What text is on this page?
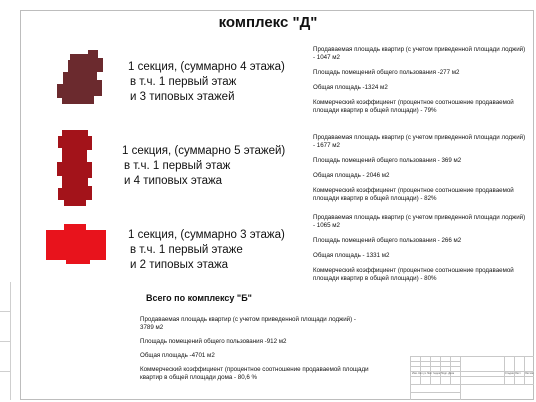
комплекс "Д"
1 секция, (суммарно 4 этажа)
в т.ч. 1 первый этаж
и 3 типовых этажей

Продаваемая площадь квартир (с учетом приведенной площади лоджий) - 1047 м2

Площадь помещений общего пользования -277 м2

Общая площадь -1324 м2

Коммерческий коэффициент (процентное соотношение продаваемой площади квартир в общей площади) - 79%

1 секция, (суммарно 5 этажей)
в т.ч. 1 первый этаж
и 4 типовых этажа

Продаваемая площадь квартир (с учетом приведенной площади лоджий) - 1677 м2

Площадь помещений общего пользования - 369 м2

Общая площадь - 2046 м2

Коммерческий коэффициент (процентное соотношение продаваемой площади квартир в общей площади) - 82%

1 секция, (суммарно 3 этажа)
в т.ч. 1 первый этаже
и 2 типовых этажа

Продаваемая площадь квартир (с учетом приведенной площади лоджий) - 1065 м2

Площадь помещений общего пользования - 266 м2

Общая площадь - 1331 м2

Коммерческий коэффициент (процентное соотношение продаваемой площади квартир в общей площади) - 80%

Всего по комплексу "Б"

Продаваемая площадь квартир (с учетом приведенной площади лоджий) - 3789 м2

Площадь помещений общего пользования -912 м2

Общая площадь -4701 м2

Коммерческий коэффициент (процентное соотношение продаваемой площади квартир в общей площади дома - 80,6 %

Изм. Кол.уч Лист №док Подп. Дата	Стадия Лист Листов
